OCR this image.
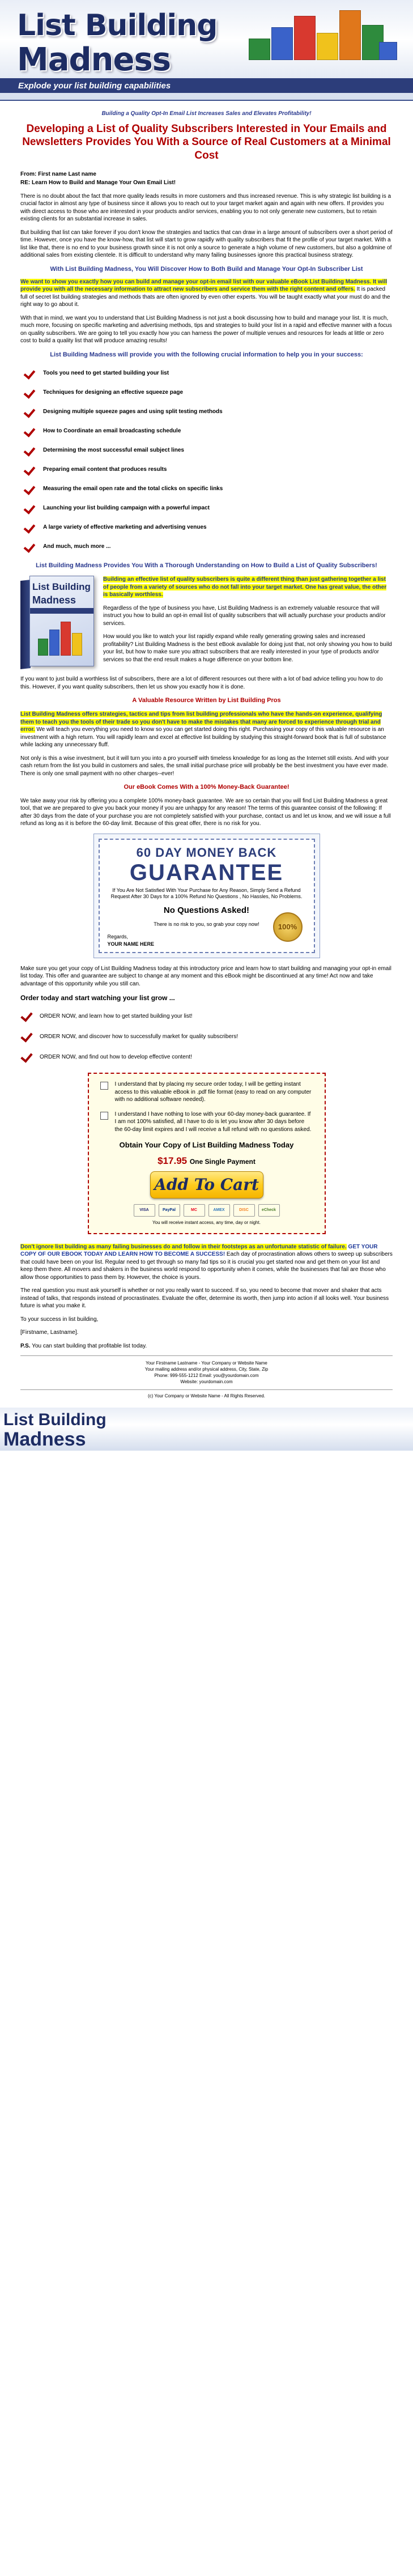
List Building
Madness
Explode your list building capabilities
Building a Quality Opt-In Email List Increases Sales and Elevates Profitability!
Developing a List of Quality Subscribers Interested in Your Emails and Newsletters Provides You With a Source of Real Customers at a Minimal Cost
From: First name Last name
RE: Learn How to Build and Manage Your Own Email List!
There is no doubt about the fact that more quality leads results in more customers and thus increased revenue. This is why strategic list building is a crucial factor in almost any type of business since it allows you to reach out to your target market again and again with new offers. If provides you with direct access to those who are interested in your products and/or services, enabling you to not only generate new customers, but to retain existing clients for an substantial increase in sales.
But building that list can take forever if you don't know the strategies and tactics that can draw in a large amount of subscribers over a short period of time. However, once you have the know-how, that list will start to grow rapidly with quality subscribers that fit the profile of your target market. With a list like that, there is no end to your business growth since it is not only a source to generate a high volume of new customers, but also a goldmine of additional sales from existing clientele. It is difficult to understand why many failing businesses ignore this practical business strategy.
With List Building Madness, You Will Discover How to Both Build and Manage Your Opt-In Subscriber List
We want to show you exactly how you can build and manage your opt-in email list with our valuable eBook List Building Madness. It will provide you with all the necessary information to attract new subscribers and service them with the right content and offers. It is packed full of secret list building strategies and methods thats are often ignored by even other experts. You will be taught exactly what your must do and the right way to go about it.
With that in mind, we want you to understand that List Building Madness is not just a book discussing how to build and manage your list. It is much, much more, focusing on specific marketing and advertising methods, tips and strategies to build your list in a rapid and effective manner with a focus on quality subscribers. We are going to tell you exactly how you can harness the power of multiple venues and resources for leads at little or zero cost to build a quality list that will produce amazing results!
List Building Madness will provide you with the following crucial information to help you in your success:
Tools you need to get started building your list
Techniques for designing an effective squeeze page
Designing multiple squeeze pages and using split testing methods
How to Coordinate an email broadcasting schedule
Determining the most successful email subject lines
Preparing email content that produces results
Measuring the email open rate and the total clicks on specific links
Launching your list building campaign with a powerful impact
A large variety of effective marketing and advertising venues
And much, much more ...
List Building Madness Provides You With a Thorough Understanding on How to Build a List of Quality Subscribers!
List Building
Madness
Building an effective list of quality subscribers is quite a different thing than just gathering together a list of people from a variety of sources who do not fall into your target market. One has great value, the other is basically worthless.
Regardless of the type of business you have, List Building Madness is an extremely valuable resource that will instruct you how to build an opt-in email list of quality subscribers that will actually purchase your products and/or services.
How would you like to watch your list rapidly expand while really generating growing sales and increased profitability? List Building Madness is the best eBook available for doing just that, not only showing you how to build your list, but how to make sure you attract subscribers that are really interested in your type of products and/or services so that the end result makes a huge difference on your bottom line.
If you want to just build a worthless list of subscribers, there are a lot of different resources out there with a lot of bad advice telling you how to do this. However, if you want quality subscribers, then let us show you exactly how it is done.
A Valuable Resource Written by List Building Pros
List Building Madness offers strategies, tactics and tips from list building professionals who have the hands-on experience, qualifying them to teach you the tools of their trade so you don't have to make the mistakes that many are forced to experience through trial and error. We will teach you everything you need to know so you can get started doing this right. Purchasing your copy of this valuable resource is an investment with a high return. You will rapidly learn and excel at effective list building by studying this straight-forward book that is full of substance while lacking any unnecessary fluff.
Not only is this a wise investment, but it will turn you into a pro yourself with timeless knowledge for as long as the Internet still exists. And with your cash return from the list you build in customers and sales, the small initial purchase price will probably be the best investment you have ever made. There is only one small payment with no other charges--ever!
Our eBook Comes With a 100% Money-Back Guarantee!
We take away your risk by offering you a complete 100% money-back guarantee. We are so certain that you will find List Building Madness a great tool, that we are prepared to give you back your money if you are unhappy for any reason! The terms of this guarantee consist of the following: If after 30 days from the date of your purchase you are not completely satisfied with your purchase, contact us and let us know, and we will issue a full refund as long as it is before the 60-day limit. Because of this great offer, there is no risk for you.
60 DAY MONEY BACK
GUARANTEE
If You Are Not Satisfied With Your Purchase for Any Reason, Simply Send a Refund Request After 30 Days for a 100% Refund No Questions , No Hassles, No Problems.
No Questions Asked!
There is no risk to you, so grab your copy now!
Regards,
YOUR NAME HERE
100%
Make sure you get your copy of List Building Madness today at this introductory price and learn how to start building and managing your opt-in email list today. This offer and guarantee are subject to change at any moment and this eBook might be discontinued at any time! Act now and take advantage of this opportunity while you still can.
Order today and start watching your list grow ...
ORDER NOW, and learn how to get started building your list!
ORDER NOW, and discover how to successfully market for quality subscribers!
ORDER NOW, and find out how to develop effective content!
I understand that by placing my secure order today, I will be getting instant access to this valuable eBook in .pdf file format (easy to read on any computer with no additional software needed).
I understand I have nothing to lose with your 60-day money-back guarantee. If I am not 100% satisfied, all I have to do is let you know after 30 days before the 60-day limit expires and I will receive a full refund with no questions asked.
Obtain Your Copy of List Building Madness Today
$17.95 One Single Payment
Add To Cart
VISA	PayPal	MC	AMEX	DISC	eCheck
You will receive instant access, any time, day or night.
Don't ignore list building as many failing businesses do and follow in their footsteps as an unfortunate statistic of failure. GET YOUR COPY OF OUR EBOOK TODAY AND LEARN HOW TO BECOME A SUCCESS! Each day of procrastination allows others to sweep up subscribers that could have been on your list. Regular need to get through so many fad tips so it is crucial you get started now and get them on your list and keep them there. All movers and shakers in the business world respond to opportunity when it comes, while the businesses that fail are those who allow those opportunities to pass them by. However, the choice is yours.
The real question you must ask yourself is whether or not you really want to succeed. If so, you need to become that mover and shaker that acts instead of talks, that responds instead of procrastinates. Evaluate the offer, determine its worth, then jump into action if all looks well. Your business future is what you make it.
To your success in list building,
[Firstname, Lastname].
P.S. You can start building that profitable list today.
Your Firstname Lastname - Your Company or Website Name
Your mailing address and/or physical address, City, State, Zip
Phone: 999-555-1212 Email: you@yourdomain.com
Website: yourdomain.com
(c) Your Company or Website Name - All Rights Reserved.
List Building
Madness
